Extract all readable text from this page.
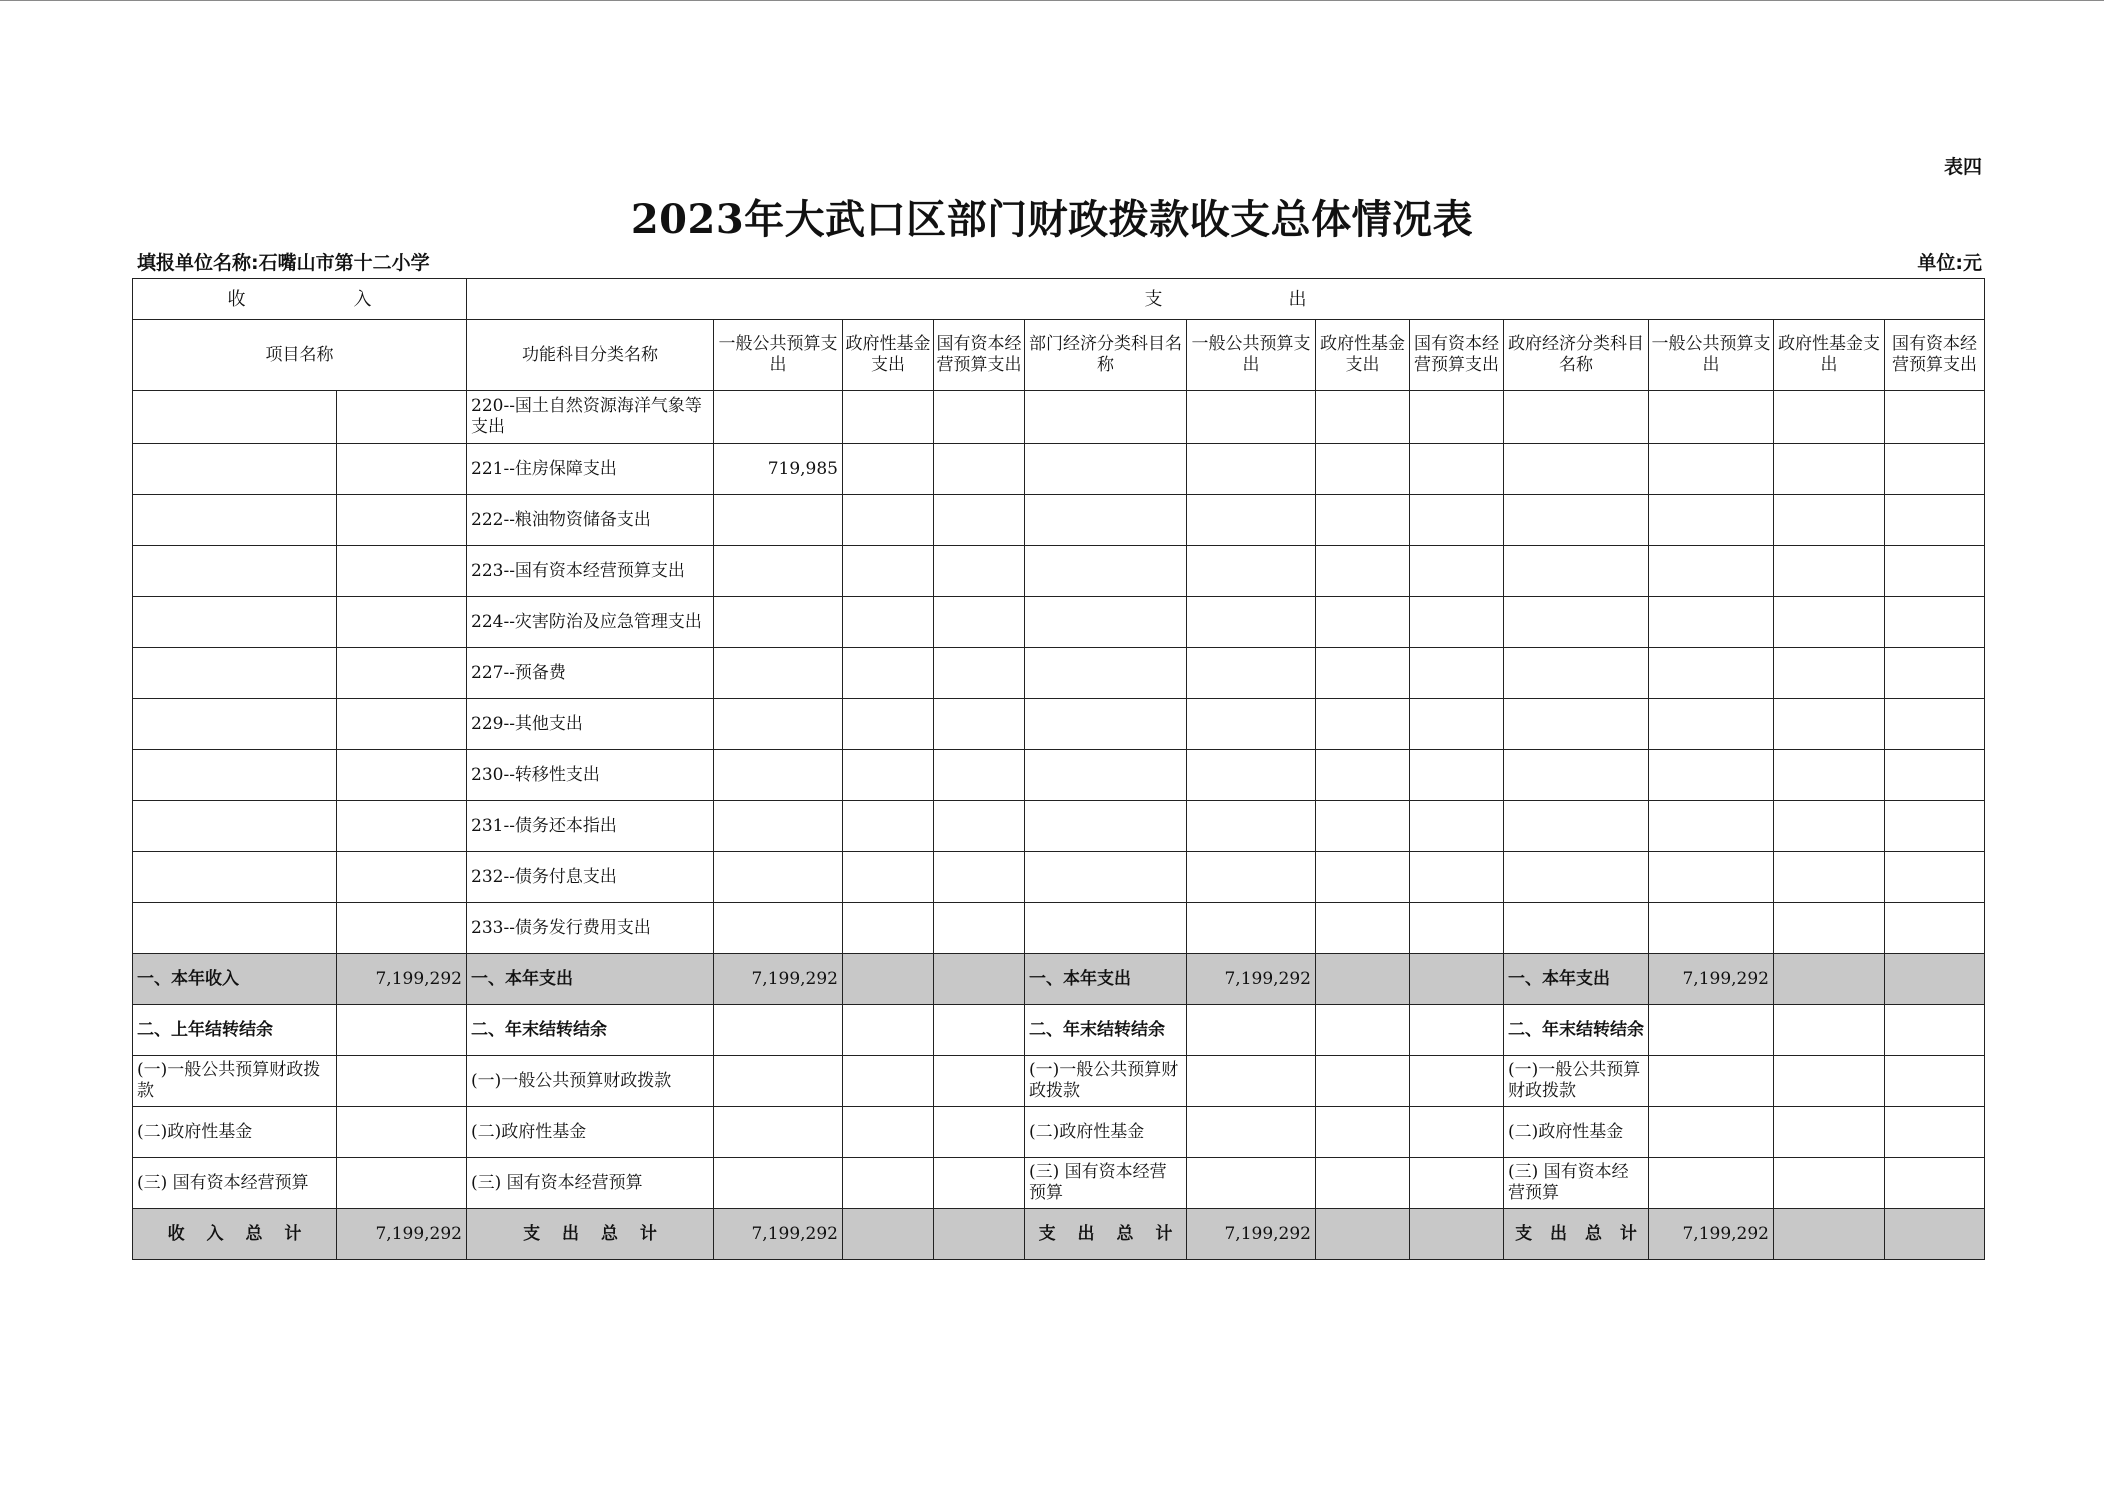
表四
2023年大武口区部门财政拨款收支总体情况表
填报单位名称:石嘴山市第十二小学	单位:元
收　　　　　　入		支　　　　　　　出											
项目名称		功能科目分类名称	一般公共预算支出	政府性基金支出	国有资本经营预算支出	部门经济分类科目名称	一般公共预算支出	政府性基金支出	国有资本经营预算支出	政府经济分类科目名称	一般公共预算支出	政府性基金支出	国有资本经营预算支出
		220--国土自然资源海洋气象等支出											
		221--住房保障支出	719,985										
		222--粮油物资储备支出											
		223--国有资本经营预算支出											
		224--灾害防治及应急管理支出											
		227--预备费											
		229--其他支出											
		230--转移性支出											
		231--债务还本指出											
		232--债务付息支出											
		233--债务发行费用支出											
一、本年收入	7,199,292	一、本年支出	7,199,292			一、本年支出	7,199,292			一、本年支出	7,199,292		
二、上年结转结余		二、年末结转结余				二、年末结转结余				二、年末结转结余			
(一)一般公共预算财政拨款		(一)一般公共预算财政拨款				(一)一般公共预算财政拨款				(一)一般公共预算财政拨款			
(二)政府性基金		(二)政府性基金				(二)政府性基金				(二)政府性基金			
(三) 国有资本经营预算		(三) 国有资本经营预算				(三) 国有资本经营预算				(三) 国有资本经营预算			
收 入 总 计	7,199,292	支 出 总 计	7,199,292			支 出 总 计	7,199,292			支 出 总 计	7,199,292		
